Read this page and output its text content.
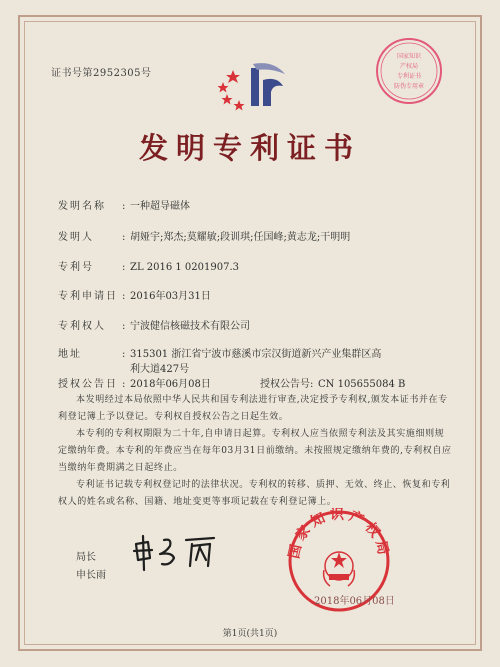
证书号第2952305号
国家知识
产权局
专利证书
防伪专用章
发明专利证书
发明名称 : 一种超导磁体
发明人	: 胡娅宇;郑杰;莫耀敏;段训琪;任国峰;黄志龙;干明明
专利号	: ZL 2016 1 0201907.3
专利申请日 : 2016年03月31日
专利权人 : 宁波健信核磁技术有限公司
地址	: 315301 浙江省宁波市慈溪市宗汉街道新兴产业集群区高
利大道427号
授权公告日 : 2018年06月08日	授权公告号: CN 105655084 B

本发明经过本局依照中华人民共和国专利法进行审查,决定授予专利权,颁发本证书并在专利登记簿上予以登记。专利权自授权公告之日起生效。

本专利的专利权期限为二十年,自申请日起算。专利权人应当依照专利法及其实施细则规定缴纳年费。本专利的年费应当在每年03月31日前缴纳。未按照规定缴纳年费的,专利权自应当缴纳年费期满之日起终止。

专利证书记载专利权登记时的法律状况。专利权的转移、质押、无效、终止、恢复和专利权人的姓名或名称、国籍、地址变更等事项记载在专利登记簿上。

局长
申长雨
国家知识产权局
2018年06月08日
第1页(共1页)
